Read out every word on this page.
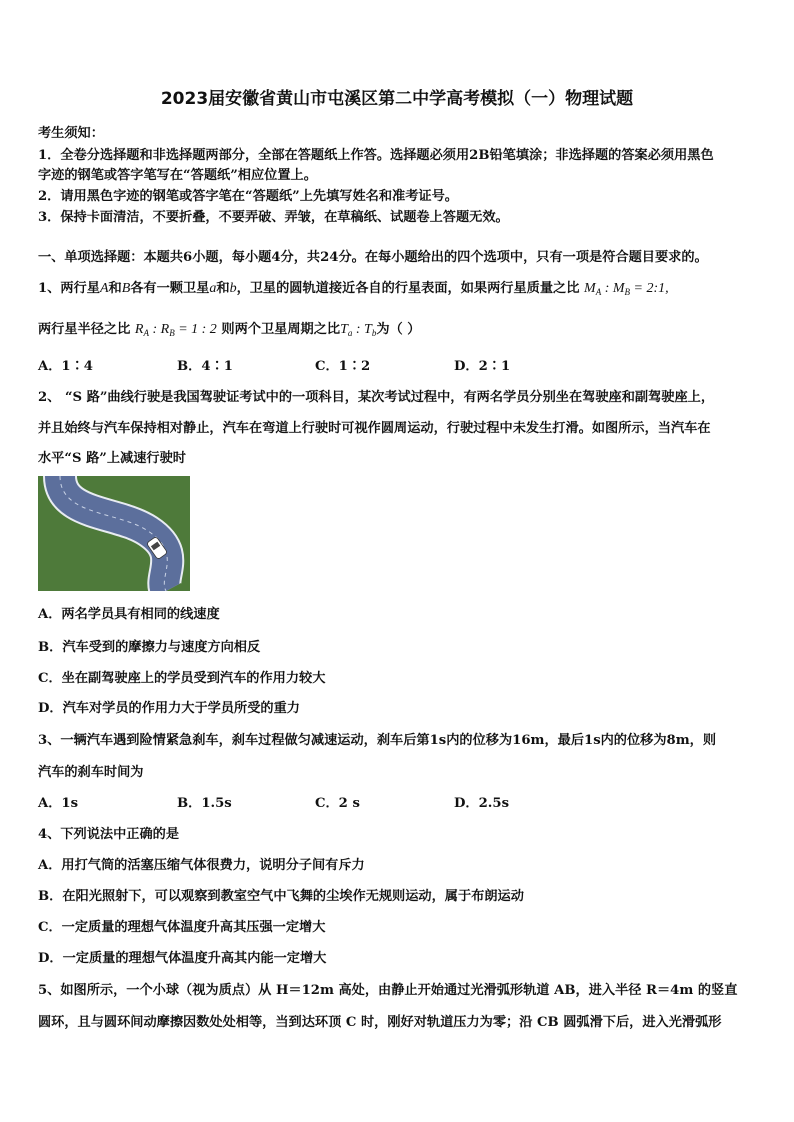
2023届安徽省黄山市屯溪区第二中学高考模拟（一）物理试题
考生须知：
1．全卷分选择题和非选择题两部分，全部在答题纸上作答。选择题必须用2B铅笔填涂；非选择题的答案必须用黑色
字迹的钢笔或答字笔写在“答题纸”相应位置上。
2．请用黑色字迹的钢笔或答字笔在“答题纸”上先填写姓名和准考证号。
3．保持卡面清洁，不要折叠，不要弄破、弄皱，在草稿纸、试题卷上答题无效。
一、单项选择题：本题共6小题，每小题4分，共24分。在每小题给出的四个选项中，只有一项是符合题目要求的。
1、两行星A和B各有一颗卫星a和b，卫星的圆轨道接近各自的行星表面，如果两行星质量之比 $M_A$ : $M_B$ = 2:1,
两行星半径之比 $R_A$ : $R_B = 1$ : 2 则两个卫星周期之比$T_a$ : $T_b$为（ ）
A．1∶4	B．4∶1	C．1∶2	D．2∶1
2、 “S 路”曲线行驶是我国驾驶证考试中的一项科目，某次考试过程中，有两名学员分别坐在驾驶座和副驾驶座上，
并且始终与汽车保持相对静止，汽车在弯道上行驶时可视作圆周运动，行驶过程中未发生打滑。如图所示，当汽车在
水平“S 路”上减速行驶时
A．两名学员具有相同的线速度
B．汽车受到的摩擦力与速度方向相反
C．坐在副驾驶座上的学员受到汽车的作用力较大
D．汽车对学员的作用力大于学员所受的重力
3、一辆汽车遇到险情紧急刹车，刹车过程做匀减速运动，刹车后第1s内的位移为16m，最后1s内的位移为8m，则
汽车的刹车时间为
A．1s	B．1.5s	C．2 s	D．2.5s
4、下列说法中正确的是
A．用打气筒的活塞压缩气体很费力，说明分子间有斥力
B．在阳光照射下，可以观察到教室空气中飞舞的尘埃作无规则运动，属于布朗运动
C．一定质量的理想气体温度升高其压强一定增大
D．一定质量的理想气体温度升高其内能一定增大
5、如图所示，一个小球（视为质点）从 H＝12m 高处，由静止开始通过光滑弧形轨道 AB，进入半径 R＝4m 的竖直
圆环，且与圆环间动摩擦因数处处相等，当到达环顶 C 时，刚好对轨道压力为零；沿 CB 圆弧滑下后，进入光滑弧形
